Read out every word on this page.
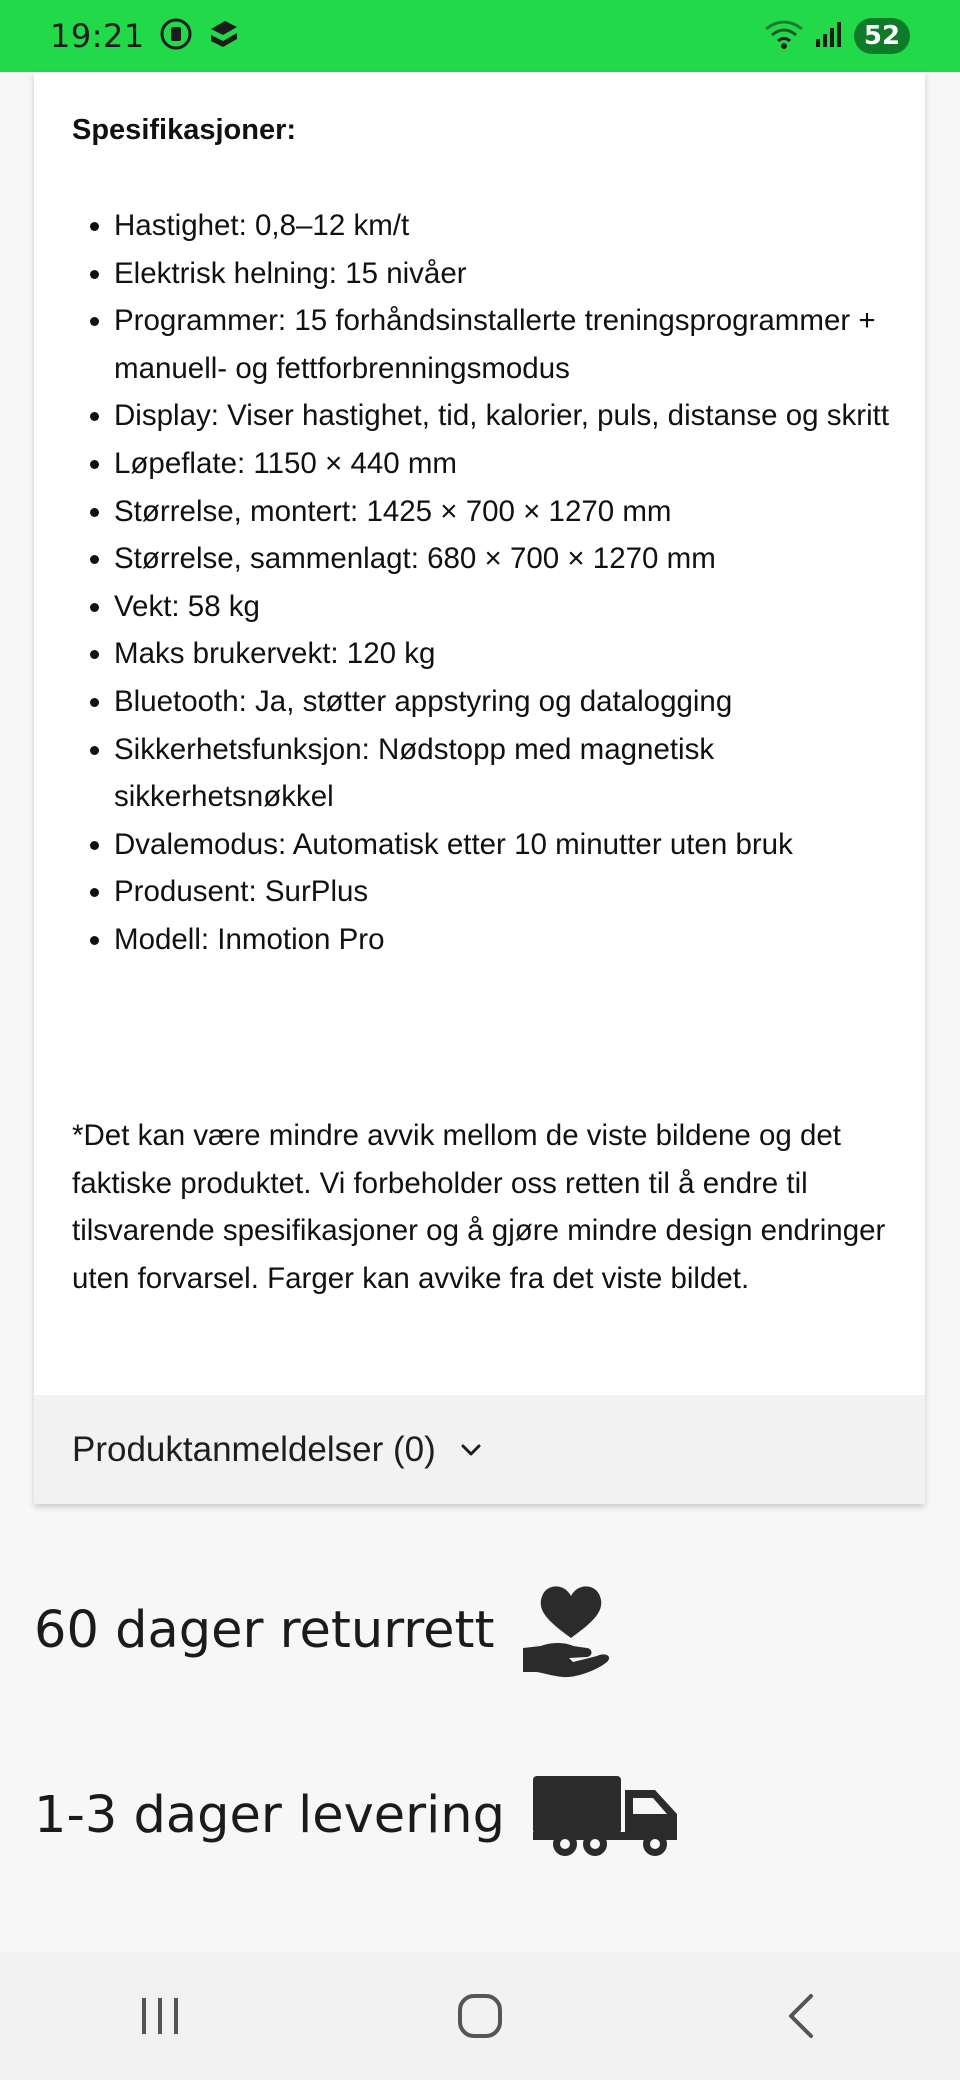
19:21	52

Spesifikasjoner:

• Hastighet: 0,8–12 km/t
• Elektrisk helning: 15 nivåer
• Programmer: 15 forhåndsinstallerte treningsprogrammer + manuell- og fettforbrenningsmodus
• Display: Viser hastighet, tid, kalorier, puls, distanse og skritt
• Løpeflate: 1150 × 440 mm
• Størrelse, montert: 1425 × 700 × 1270 mm
• Størrelse, sammenlagt: 680 × 700 × 1270 mm
• Vekt: 58 kg
• Maks brukervekt: 120 kg
• Bluetooth: Ja, støtter appstyring og datalogging
• Sikkerhetsfunksjon: Nødstopp med magnetisk sikkerhetsnøkkel
• Dvalemodus: Automatisk etter 10 minutter uten bruk
• Produsent: SurPlus
• Modell: Inmotion Pro

*Det kan være mindre avvik mellom de viste bildene og det faktiske produktet. Vi forbeholder oss retten til å endre til tilsvarende spesifikasjoner og å gjøre mindre design endringer uten forvarsel. Farger kan avvike fra det viste bildet.

Produktanmeldelser (0)
60 dager returrett
1-3 dager levering
